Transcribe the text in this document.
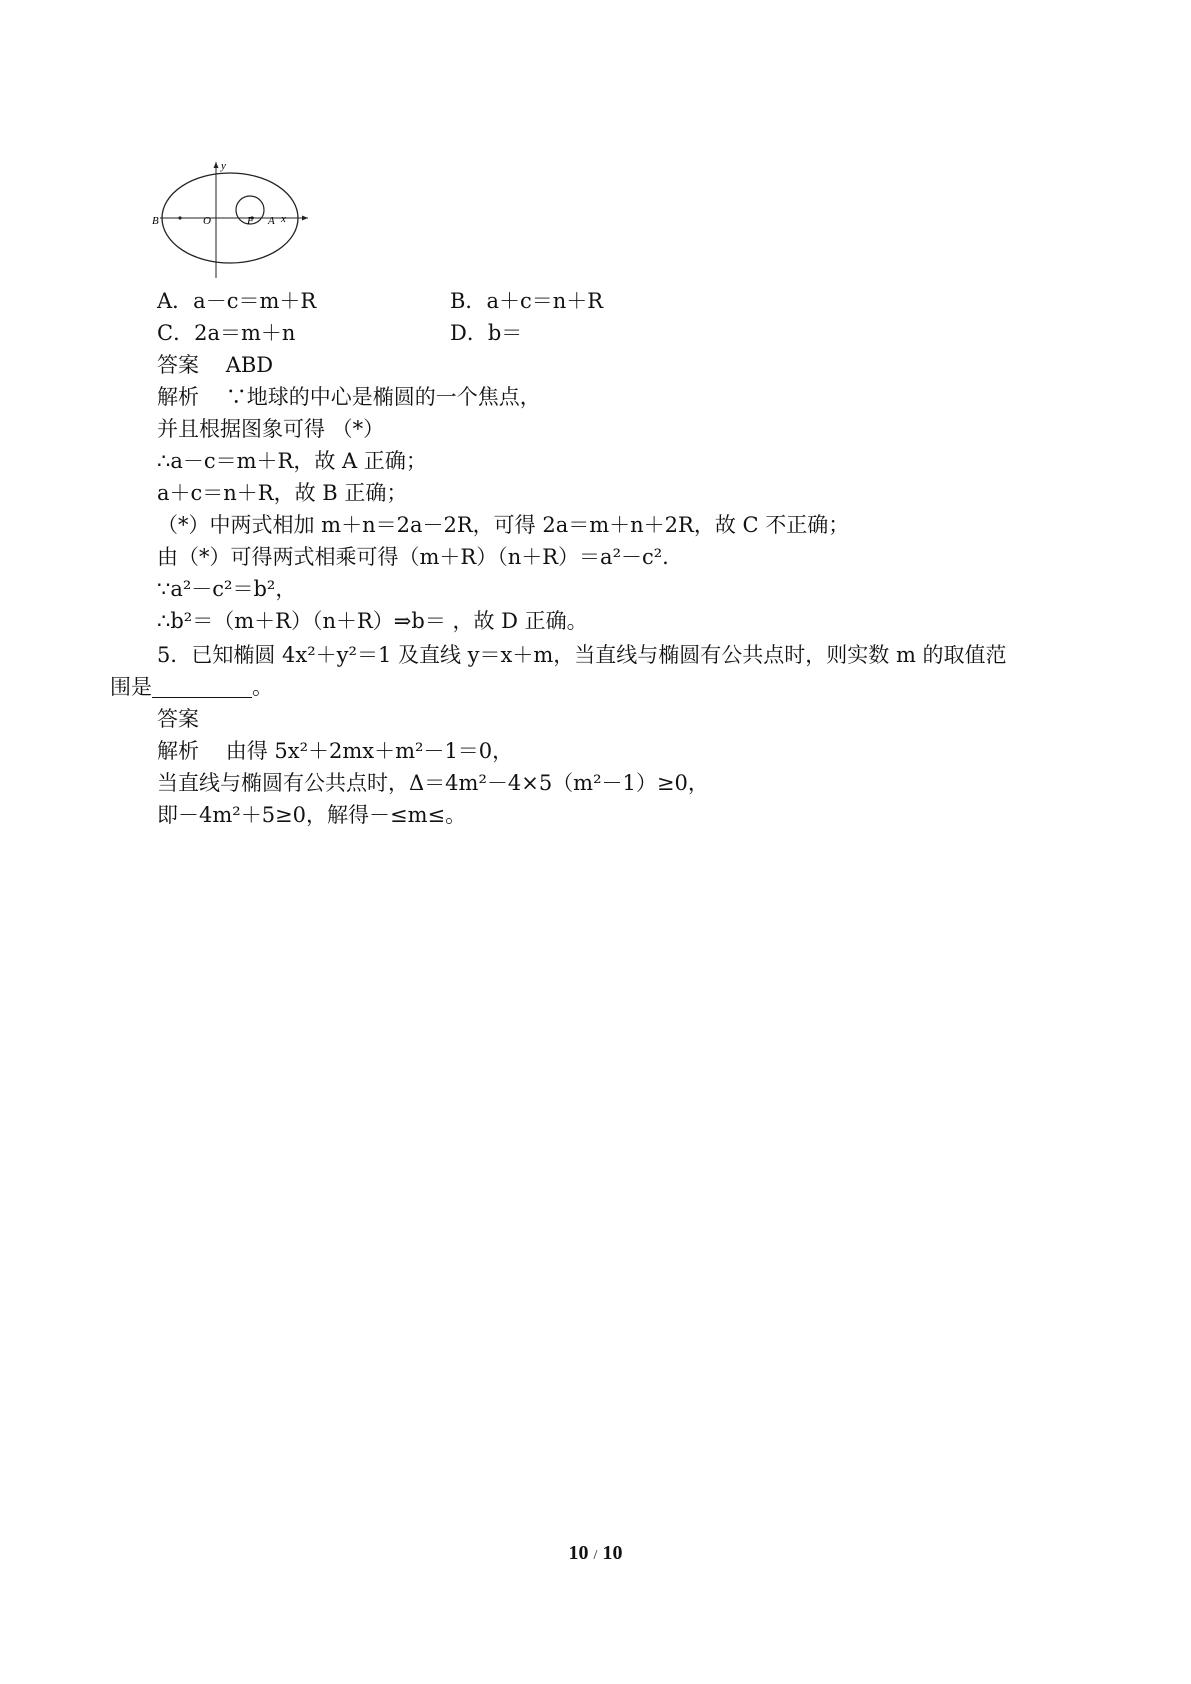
y
x
B	O	F A
A．a－c＝m＋R	B．a＋c＝n＋R
C．2a＝m＋n	D．b＝
答案 ABD
解析 ∵地球的中心是椭圆的一个焦点，
并且根据图象可得 （*）
∴a－c＝m＋R，故 A 正确；
a＋c＝n＋R，故 B 正确；
（*）中两式相加 m＋n＝2a－2R，可得 2a＝m＋n＋2R，故 C 不正确；
由（*）可得两式相乘可得（m＋R）（n＋R）＝a²－c².
∵a²－c²＝b²，
∴b²＝（m＋R）（n＋R）⇒b＝ ，故 D 正确。
5．已知椭圆 4x²＋y²＝1 及直线 y＝x＋m，当直线与椭圆有公共点时，则实数 m 的取值范
围是	。
答案
解析 由得 5x²＋2mx＋m²－1＝0，
当直线与椭圆有公共点时，Δ＝4m²－4×5（m²－1）≥0，
即－4m²＋5≥0，解得－≤m≤。
10 / 10
